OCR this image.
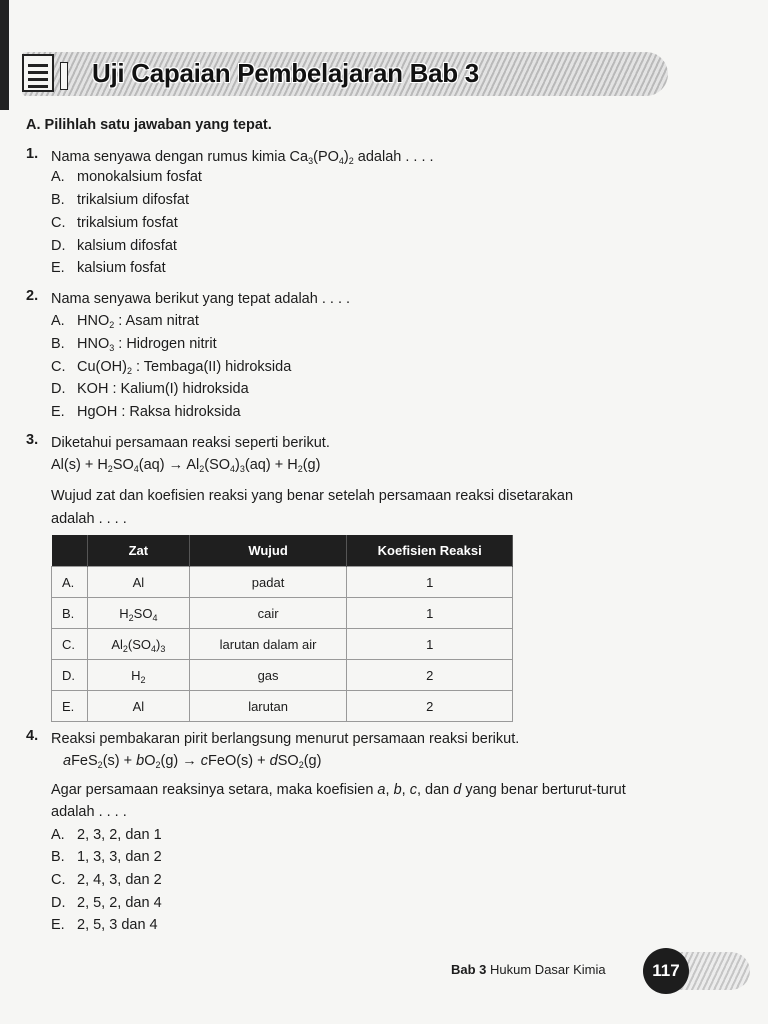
Uji Capaian Pembelajaran Bab 3
A. Pilihlah satu jawaban yang tepat.
1. Nama senyawa dengan rumus kimia $Ca_3(PO_4)_2$ adalah . . . .
A. monokalsium fosfat
B. trikalsium difosfat
C. trikalsium fosfat
D. kalsium difosfat
E. kalsium fosfat
2. Nama senyawa berikut yang tepat adalah . . . .
A. $HNO_2$ : Asam nitrat
B. $HNO_3$ : Hidrogen nitrit
C. $Cu(OH)_2$ : Tembaga(II) hidroksida
D. KOH : Kalium(I) hidroksida
E. HgOH : Raksa hidroksida
3. Diketahui persamaan reaksi seperti berikut.
$Al(s) + H_2SO_4(aq) \to Al_2(SO_4)_3(aq) + H_2(g)$
Wujud zat dan koefisien reaksi yang benar setelah persamaan reaksi disetarakan
adalah . . . .
	Zat	Wujud	Koefisien Reaksi
A.	Al	padat	1
B.	$H_2SO_4$	cair	1
C.	$Al_2(SO_4)_3$	larutan dalam air	1
D.	$H_2$	gas	2
E.	Al	larutan	2
4. Reaksi pembakaran pirit berlangsung menurut persamaan reaksi berikut.
aFeS$_2$(s) + $bO_2(g)$ → cFeO(s) + dSO$_2$(g)
Agar persamaan reaksinya setara, maka koefisien a, b, c, dan d yang benar berturut-turut
adalah . . . .
A. 2, 3, 2, dan 1
B. 1, 3, 3, dan 2
C. 2, 4, 3, dan 2
D. 2, 5, 2, dan 4
E. 2, 5, 3 dan 4
Bab 3 Hukum Dasar Kimia	117
